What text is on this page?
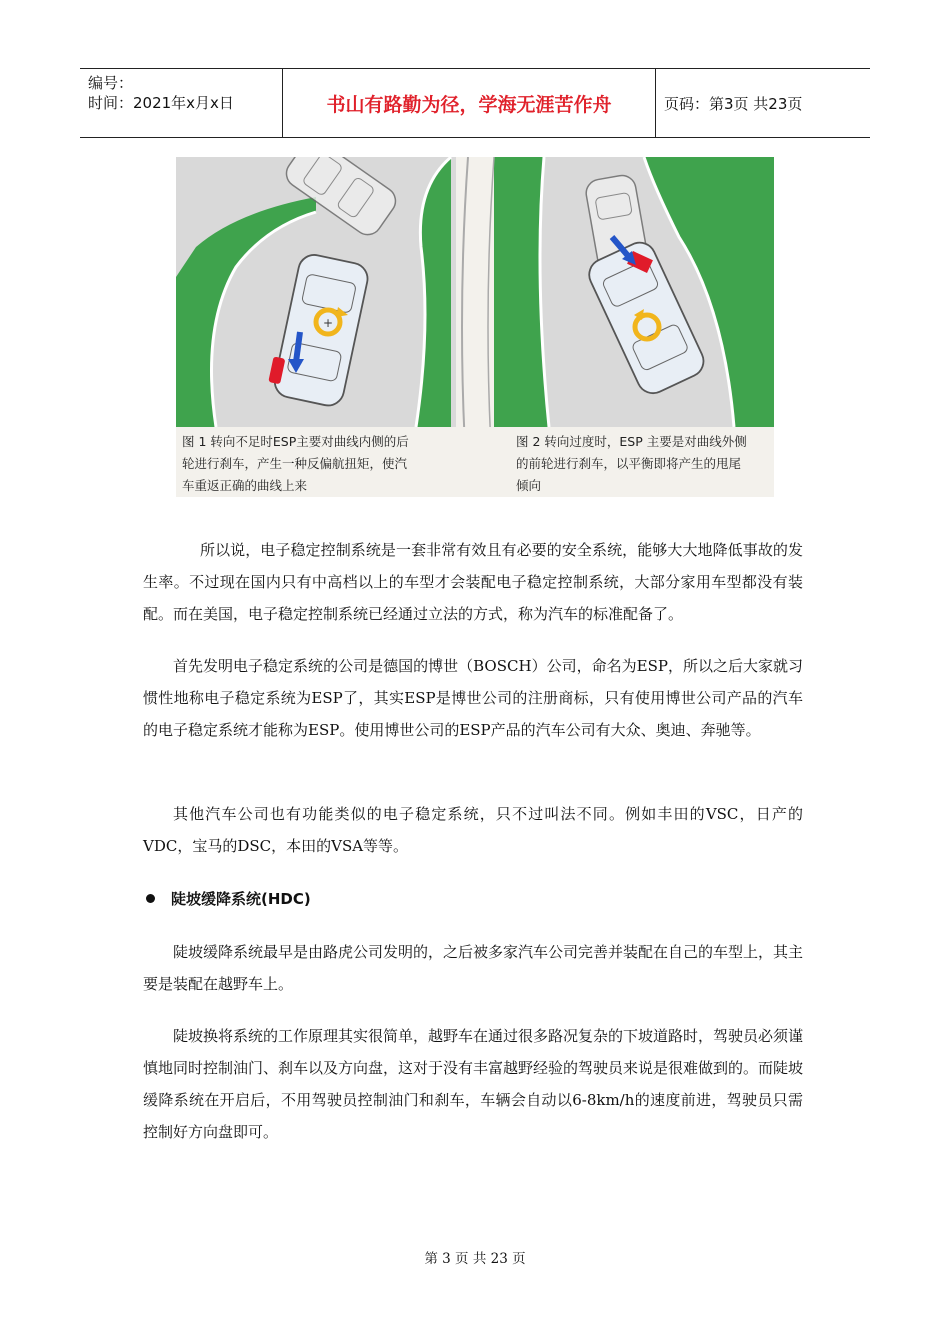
编号：
时间：2021年x月x日	书山有路勤为径，学海无涯苦作舟	页码：第3页 共23页
+
图 1 转向不足时ESP主要对曲线内侧的后
轮进行刹车，产生一种反偏航扭矩，使汽
车重返正确的曲线上来
图 2 转向过度时，ESP 主要是对曲线外侧
的前轮进行刹车，以平衡即将产生的甩尾
倾向

所以说，电子稳定控制系统是一套非常有效且有必要的安全系统，能够大大地降低事故的发生率。不过现在国内只有中高档以上的车型才会装配电子稳定控制系统，大部分家用车型都没有装配。而在美国，电子稳定控制系统已经通过立法的方式，称为汽车的标准配备了。

首先发明电子稳定系统的公司是德国的博世（BOSCH）公司，命名为ESP，所以之后大家就习惯性地称电子稳定系统为ESP了，其实ESP是博世公司的注册商标，只有使用博世公司产品的汽车的电子稳定系统才能称为ESP。使用博世公司的ESP产品的汽车公司有大众、奥迪、奔驰等。

其他汽车公司也有功能类似的电子稳定系统，只不过叫法不同。例如丰田的VSC，日产的VDC，宝马的DSC，本田的VSA等等。

陡坡缓降系统(HDC)

陡坡缓降系统最早是由路虎公司发明的，之后被多家汽车公司完善并装配在自己的车型上，其主要是装配在越野车上。

陡坡换将系统的工作原理其实很简单，越野车在通过很多路况复杂的下坡道路时，驾驶员必须谨慎地同时控制油门、刹车以及方向盘，这对于没有丰富越野经验的驾驶员来说是很难做到的。而陡坡缓降系统在开启后，不用驾驶员控制油门和刹车，车辆会自动以6-8km/h的速度前进，驾驶员只需控制好方向盘即可。

第 3 页 共 23 页
